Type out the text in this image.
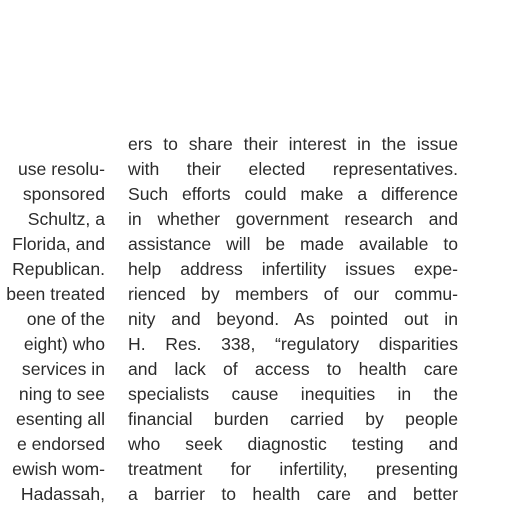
use resolu-
sponsored
Schultz, a
Florida, and
Republican.
been treated
one of the
eight) who
services in
ning to see
esenting all
e endorsed
ewish wom-
Hadassah,
ers to share their interest in the issue
with their elected representatives.
Such efforts could make a difference
in whether government research and
assistance will be made available to
help address infertility issues expe-
rienced by members of our commu-
nity and beyond. As pointed out in
H. Res. 338, “regulatory disparities
and lack of access to health care
specialists cause inequities in the
financial burden carried by people
who seek diagnostic testing and
treatment for infertility, presenting
a barrier to health care and better
